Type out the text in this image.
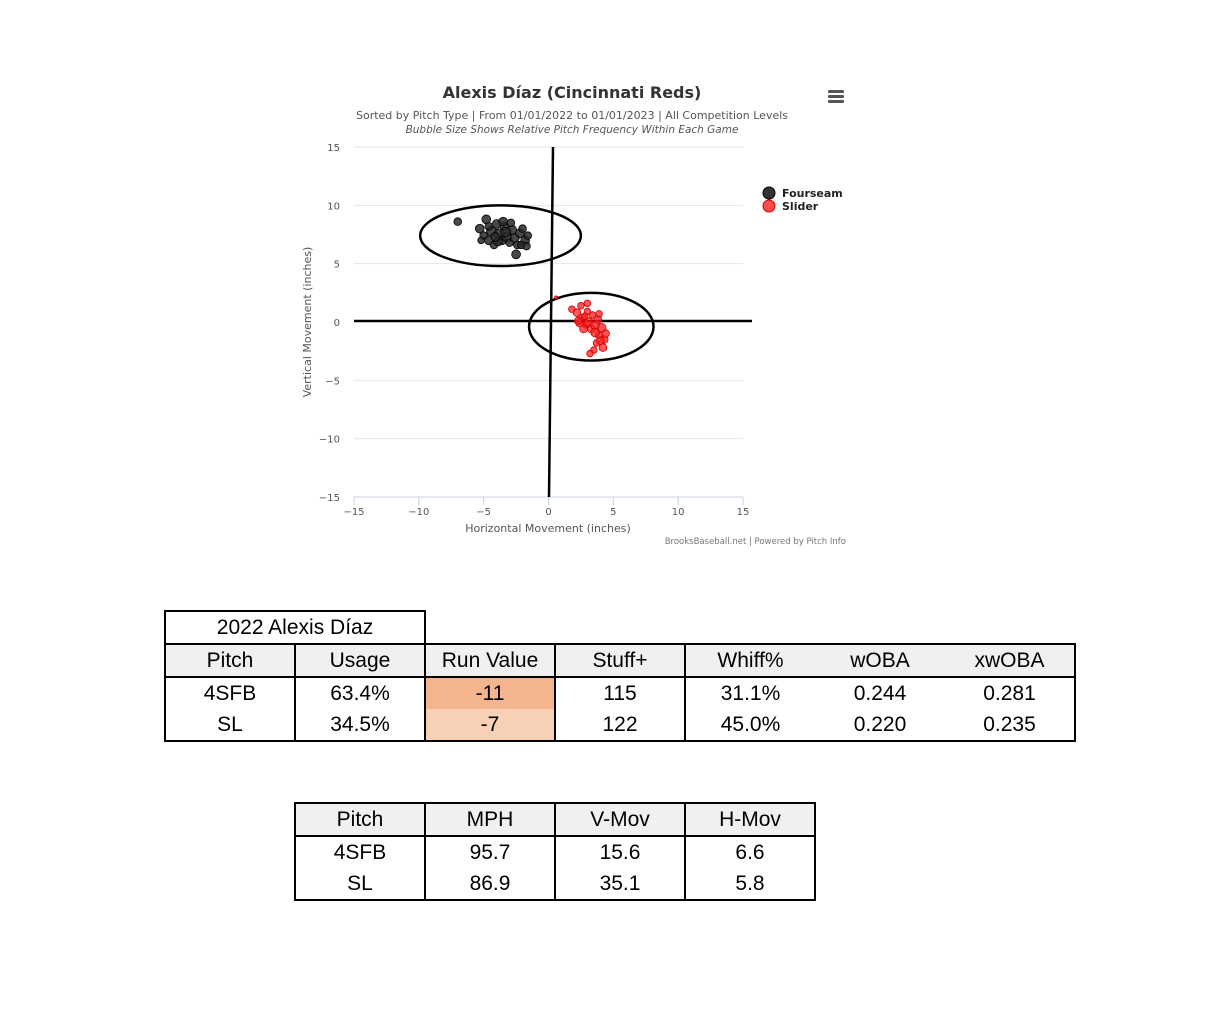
Alexis Díaz (Cincinnati Reds)
Sorted by Pitch Type | From 01/01/2022 to 01/01/2023 | All Competition Levels
Bubble Size Shows Relative Pitch Frequency Within Each Game
15
10
5
0
−5
−10
−15
−15	−10	−5	0	5	10	15
Horizontal Movement (inches)
Vertical Movement (inches)
Fourseam
Slider
BrooksBaseball.net | Powered by Pitch Info
2022 Alexis Díaz						
Pitch	Usage	Run Value	Stuff+	Whiff%	wOBA	xwOBA
4SFB	63.4%	-11	115	31.1%	0.244	0.281
SL	34.5%	-7	122	45.0%	0.220	0.235
Pitch	MPH	V-Mov	H-Mov
4SFB	95.7	15.6	6.6
SL	86.9	35.1	5.8
